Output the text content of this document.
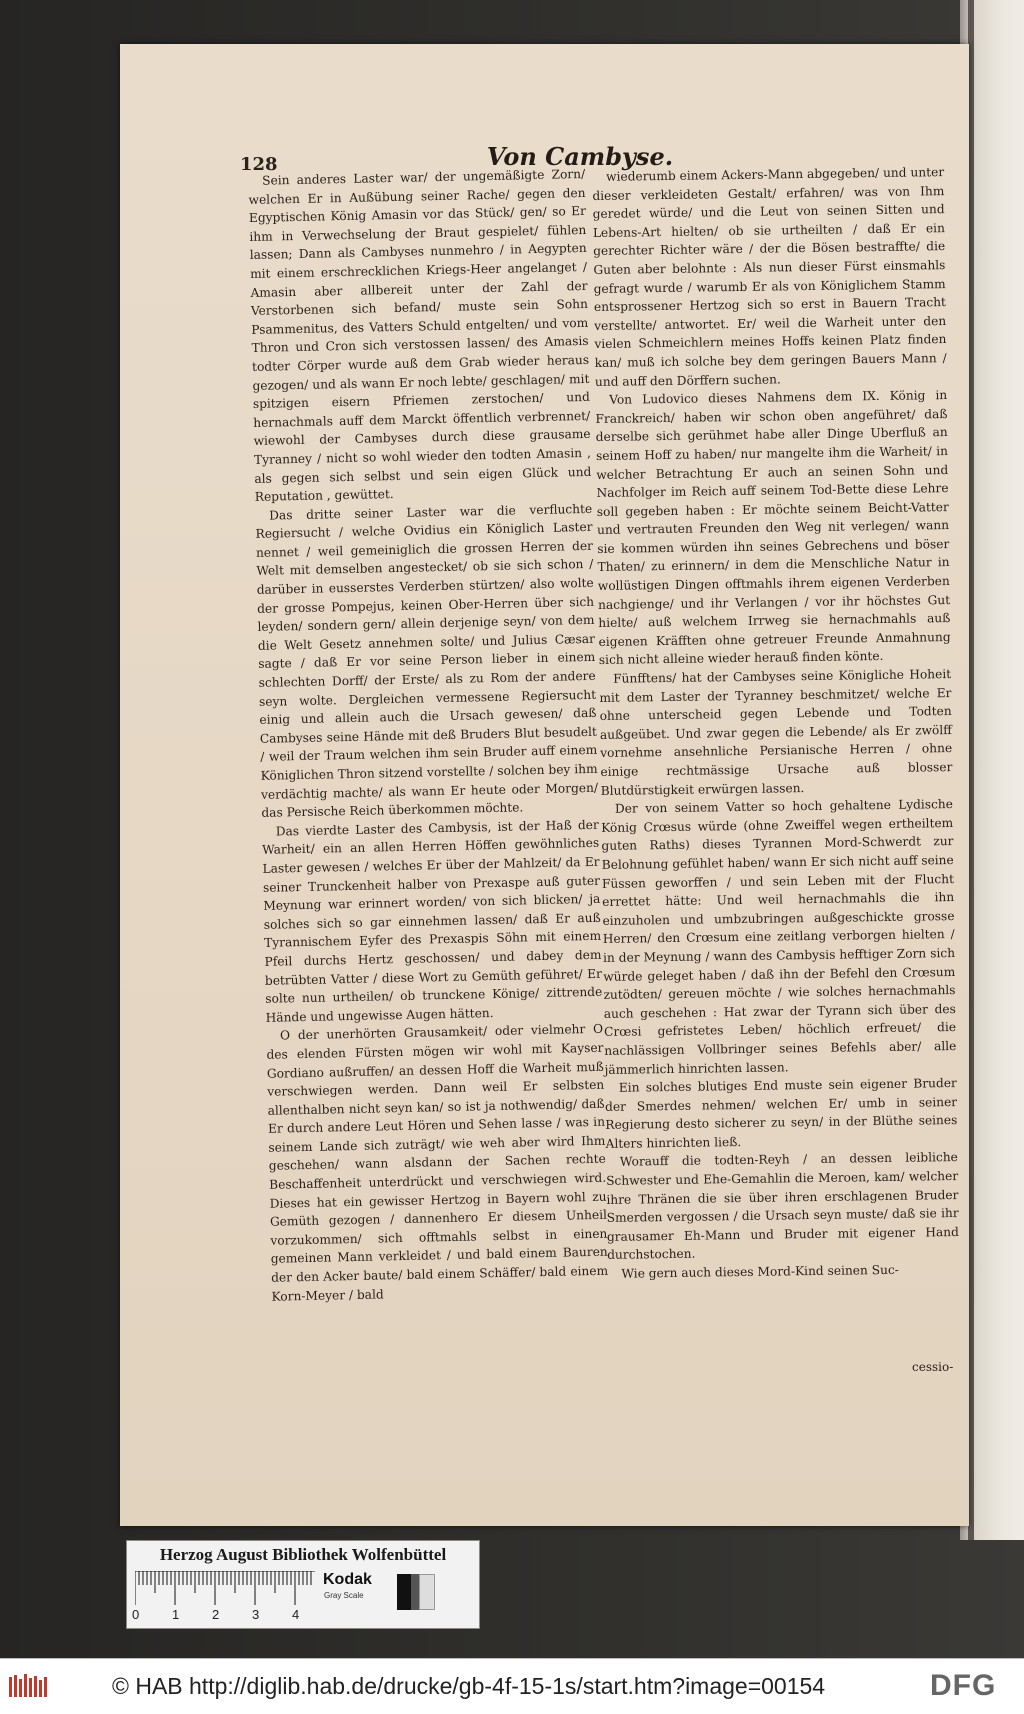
128	Von Cambyse.

Sein anderes Laster war/ der ungemäßigte Zorn/ welchen Er in Außübung seiner Rache/ gegen den Egyptischen König Amasin vor das Stück/ gen/ so Er ihm in Verwechselung der Braut gespielet/ fühlen lassen; Dann als Cambyses nunmehro / in Aegypten mit einem erschrecklichen Kriegs-Heer angelanget / Amasin aber allbereit unter der Zahl der Verstorbenen sich befand/ muste sein Sohn Psammenitus, des Vatters Schuld entgelten/ und vom Thron und Cron sich verstossen lassen/ des Amasis todter Cörper wurde auß dem Grab wieder heraus gezogen/ und als wann Er noch lebte/ geschlagen/ mit spitzigen eisern Pfriemen zerstochen/ und hernachmals auff dem Marckt öffentlich verbrennet/ wiewohl der Cambyses durch diese grausame Tyranney / nicht so wohl wieder den todten Amasin , als gegen sich selbst und sein eigen Glück und Reputation , gewüttet.

Das dritte seiner Laster war die verfluchte Regiersucht / welche Ovidius ein Königlich Laster nennet / weil gemeiniglich die grossen Herren der Welt mit demselben angestecket/ ob sie sich schon / darüber in eusserstes Verderben stürtzen/ also wolte der grosse Pompejus, keinen Ober-Herren über sich leyden/ sondern gern/ allein derjenige seyn/ von dem die Welt Gesetz annehmen solte/ und Julius Cæsar sagte / daß Er vor seine Person lieber in einem schlechten Dorff/ der Erste/ als zu Rom der andere seyn wolte. Dergleichen vermessene Regiersucht einig und allein auch die Ursach gewesen/ daß Cambyses seine Hände mit deß Bruders Blut besudelt / weil der Traum welchen ihm sein Bruder auff einem Königlichen Thron sitzend vorstellte / solchen bey ihm verdächtig machte/ als wann Er heute oder Morgen/ das Persische Reich überkommen möchte.

Das vierdte Laster des Cambysis, ist der Haß der Warheit/ ein an allen Herren Höffen gewöhnliches Laster gewesen / welches Er über der Mahlzeit/ da Er seiner Trunckenheit halber von Prexaspe auß guter Meynung war erinnert worden/ von sich blicken/ ja solches sich so gar einnehmen lassen/ daß Er auß Tyrannischem Eyfer des Prexaspis Söhn mit einem Pfeil durchs Hertz geschossen/ und dabey dem betrübten Vatter / diese Wort zu Gemüth geführet/ Er solte nun urtheilen/ ob trunckene Könige/ zittrende Hände und ungewisse Augen hätten.

O der unerhörten Grausamkeit/ oder vielmehr O des elenden Fürsten mögen wir wohl mit Kayser Gordiano außruffen/ an dessen Hoff die Warheit muß verschwiegen werden. Dann weil Er selbsten allenthalben nicht seyn kan/ so ist ja nothwendig/ daß Er durch andere Leut Hören und Sehen lasse / was in seinem Lande sich zuträgt/ wie weh aber wird Ihm geschehen/ wann alsdann der Sachen rechte Beschaffenheit unterdrückt und verschwiegen wird. Dieses hat ein gewisser Hertzog in Bayern wohl zu Gemüth gezogen / dannenhero Er diesem Unheil vorzukommen/ sich offtmahls selbst in einen gemeinen Mann verkleidet / und bald einem Bauren der den Acker baute/ bald einem Schäffer/ bald einem Korn-Meyer / bald

wiederumb einem Ackers-Mann abgegeben/ und unter dieser verkleideten Gestalt/ erfahren/ was von Ihm geredet würde/ und die Leut von seinen Sitten und Lebens-Art hielten/ ob sie urtheilten / daß Er ein gerechter Richter wäre / der die Bösen bestraffte/ die Guten aber belohnte : Als nun dieser Fürst einsmahls gefragt wurde / warumb Er als von Königlichem Stamm entsprossener Hertzog sich so erst in Bauern Tracht verstellte/ antwortet. Er/ weil die Warheit unter den vielen Schmeichlern meines Hoffs keinen Platz finden kan/ muß ich solche bey dem geringen Bauers Mann / und auff den Dörffern suchen.

Von Ludovico dieses Nahmens dem IX. König in Franckreich/ haben wir schon oben angeführet/ daß derselbe sich gerühmet habe aller Dinge Uberfluß an seinem Hoff zu haben/ nur mangelte ihm die Warheit/ in welcher Betrachtung Er auch an seinen Sohn und Nachfolger im Reich auff seinem Tod-Bette diese Lehre soll gegeben haben : Er möchte seinem Beicht-Vatter und vertrauten Freunden den Weg nit verlegen/ wann sie kommen würden ihn seines Gebrechens und böser Thaten/ zu erinnern/ in dem die Menschliche Natur in wollüstigen Dingen offtmahls ihrem eigenen Verderben nachgienge/ und ihr Verlangen / vor ihr höchstes Gut hielte/ auß welchem Irrweg sie hernachmahls auß eigenen Kräfften ohne getreuer Freunde Anmahnung sich nicht alleine wieder herauß finden könte.

Fünfftens/ hat der Cambyses seine Königliche Hoheit mit dem Laster der Tyranney beschmitzet/ welche Er ohne unterscheid gegen Lebende und Todten außgeübet. Und zwar gegen die Lebende/ als Er zwölff vornehme ansehnliche Persianische Herren / ohne einige rechtmässige Ursache auß blosser Blutdürstigkeit erwürgen lassen.

Der von seinem Vatter so hoch gehaltene Lydische König Crœsus würde (ohne Zweiffel wegen ertheiltem guten Raths) dieses Tyrannen Mord-Schwerdt zur Belohnung gefühlet haben/ wann Er sich nicht auff seine Füssen geworffen / und sein Leben mit der Flucht errettet hätte: Und weil hernachmahls die ihn einzuholen und umbzubringen außgeschickte grosse Herren/ den Crœsum eine zeitlang verborgen hielten / in der Meynung / wann des Cambysis hefftiger Zorn sich würde geleget haben / daß ihn der Befehl den Crœsum zutödten/ gereuen möchte / wie solches hernachmahls auch geschehen : Hat zwar der Tyrann sich über des Crœsi gefristetes Leben/ höchlich erfreuet/ die nachlässigen Vollbringer seines Befehls aber/ alle jämmerlich hinrichten lassen.

Ein solches blutiges End muste sein eigener Bruder der Smerdes nehmen/ welchen Er/ umb in seiner Regierung desto sicherer zu seyn/ in der Blüthe seines Alters hinrichten ließ.

Worauff die todten-Reyh / an dessen leibliche Schwester und Ehe-Gemahlin die Meroen, kam/ welcher ihre Thränen die sie über ihren erschlagenen Bruder Smerden vergossen / die Ursach seyn muste/ daß sie ihr grausamer Eh-Mann und Bruder mit eigener Hand durchstochen.

Wie gern auch dieses Mord-Kind seinen Suc-

cessio-
Herzog August Bibliothek Wolfenbüttel
0	1	2	3	4
Kodak
Gray Scale
© HAB http://diglib.hab.de/drucke/gb-4f-15-1s/start.htm?image=00154	DFG
